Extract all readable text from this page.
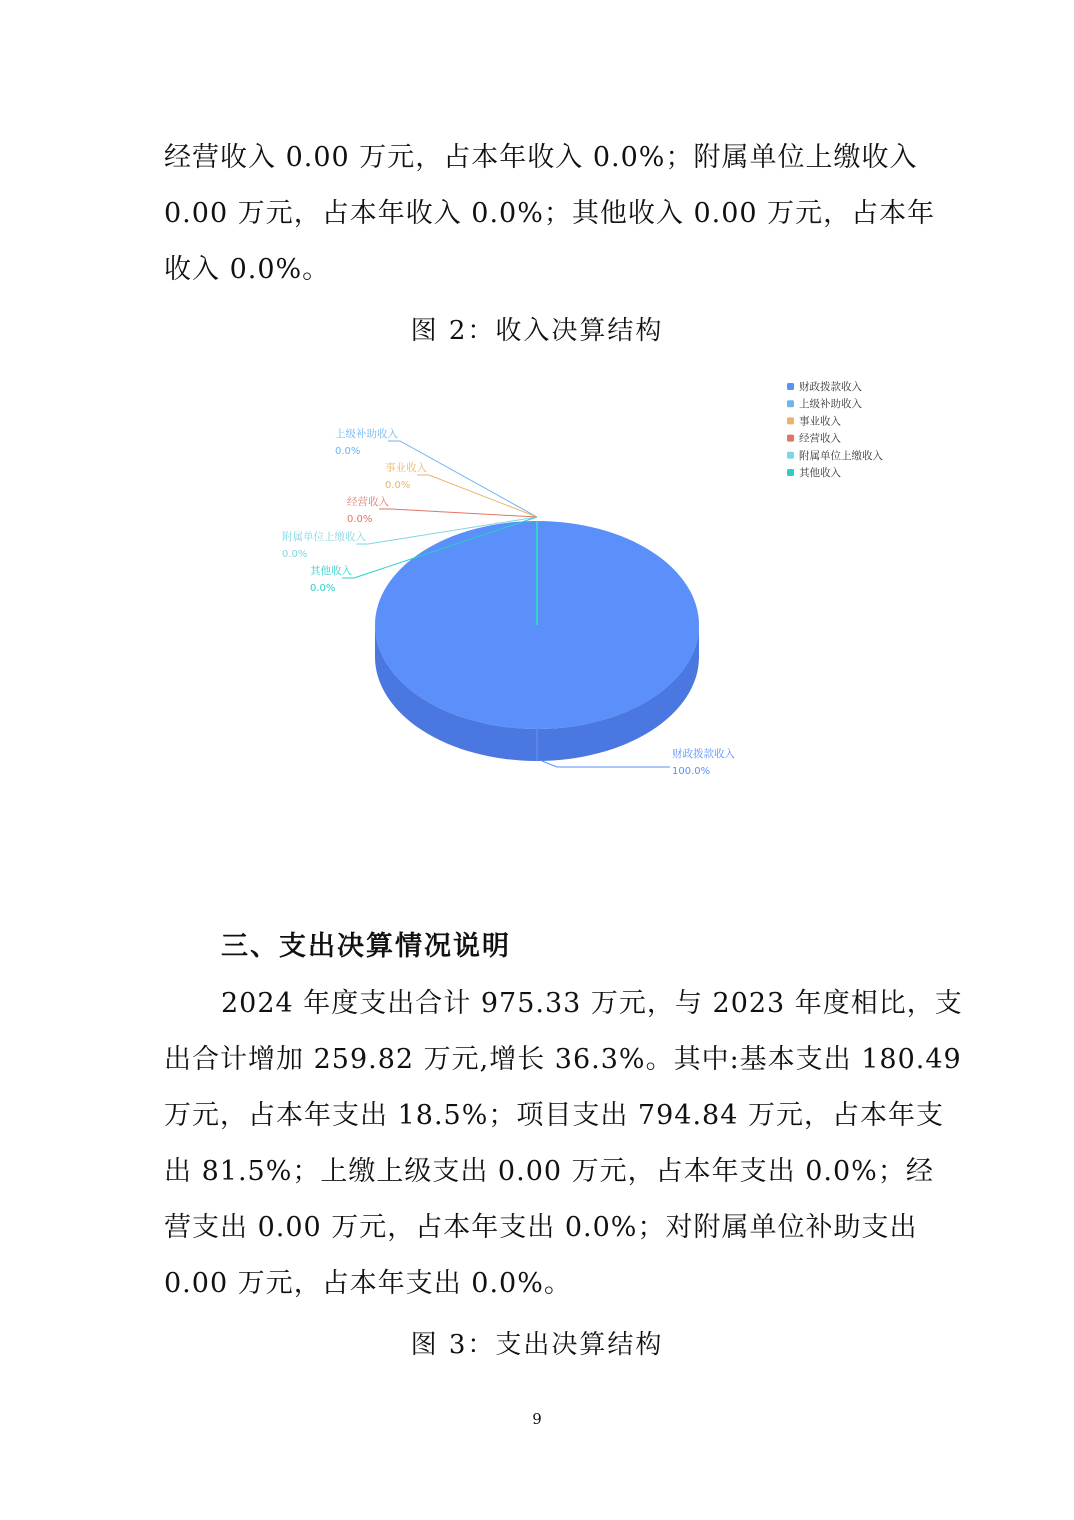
经营收入 0.00 万元，占本年收入 0.0%；附属单位上缴收入
0.00 万元，占本年收入 0.0%；其他收入 0.00 万元，占本年
收入 0.0%。

图 2：收入决算结构

财政拨款收入
100.0%
上级补助收入
0.0%
事业收入
0.0%
经营收入
0.0%
附属单位上缴收入
0.0%
其他收入
0.0%
财政拨款收入
上级补助收入
事业收入
经营收入
附属单位上缴收入
其他收入

三、支出决算情况说明

2024 年度支出合计 975.33 万元，与 2023 年度相比，支
出合计增加 259.82 万元,增长 36.3%。其中:基本支出 180.49
万元，占本年支出 18.5%；项目支出 794.84 万元，占本年支
出 81.5%；上缴上级支出 0.00 万元，占本年支出 0.0%；经
营支出 0.00 万元，占本年支出 0.0%；对附属单位补助支出
0.00 万元，占本年支出 0.0%。

图 3：支出决算结构

9
